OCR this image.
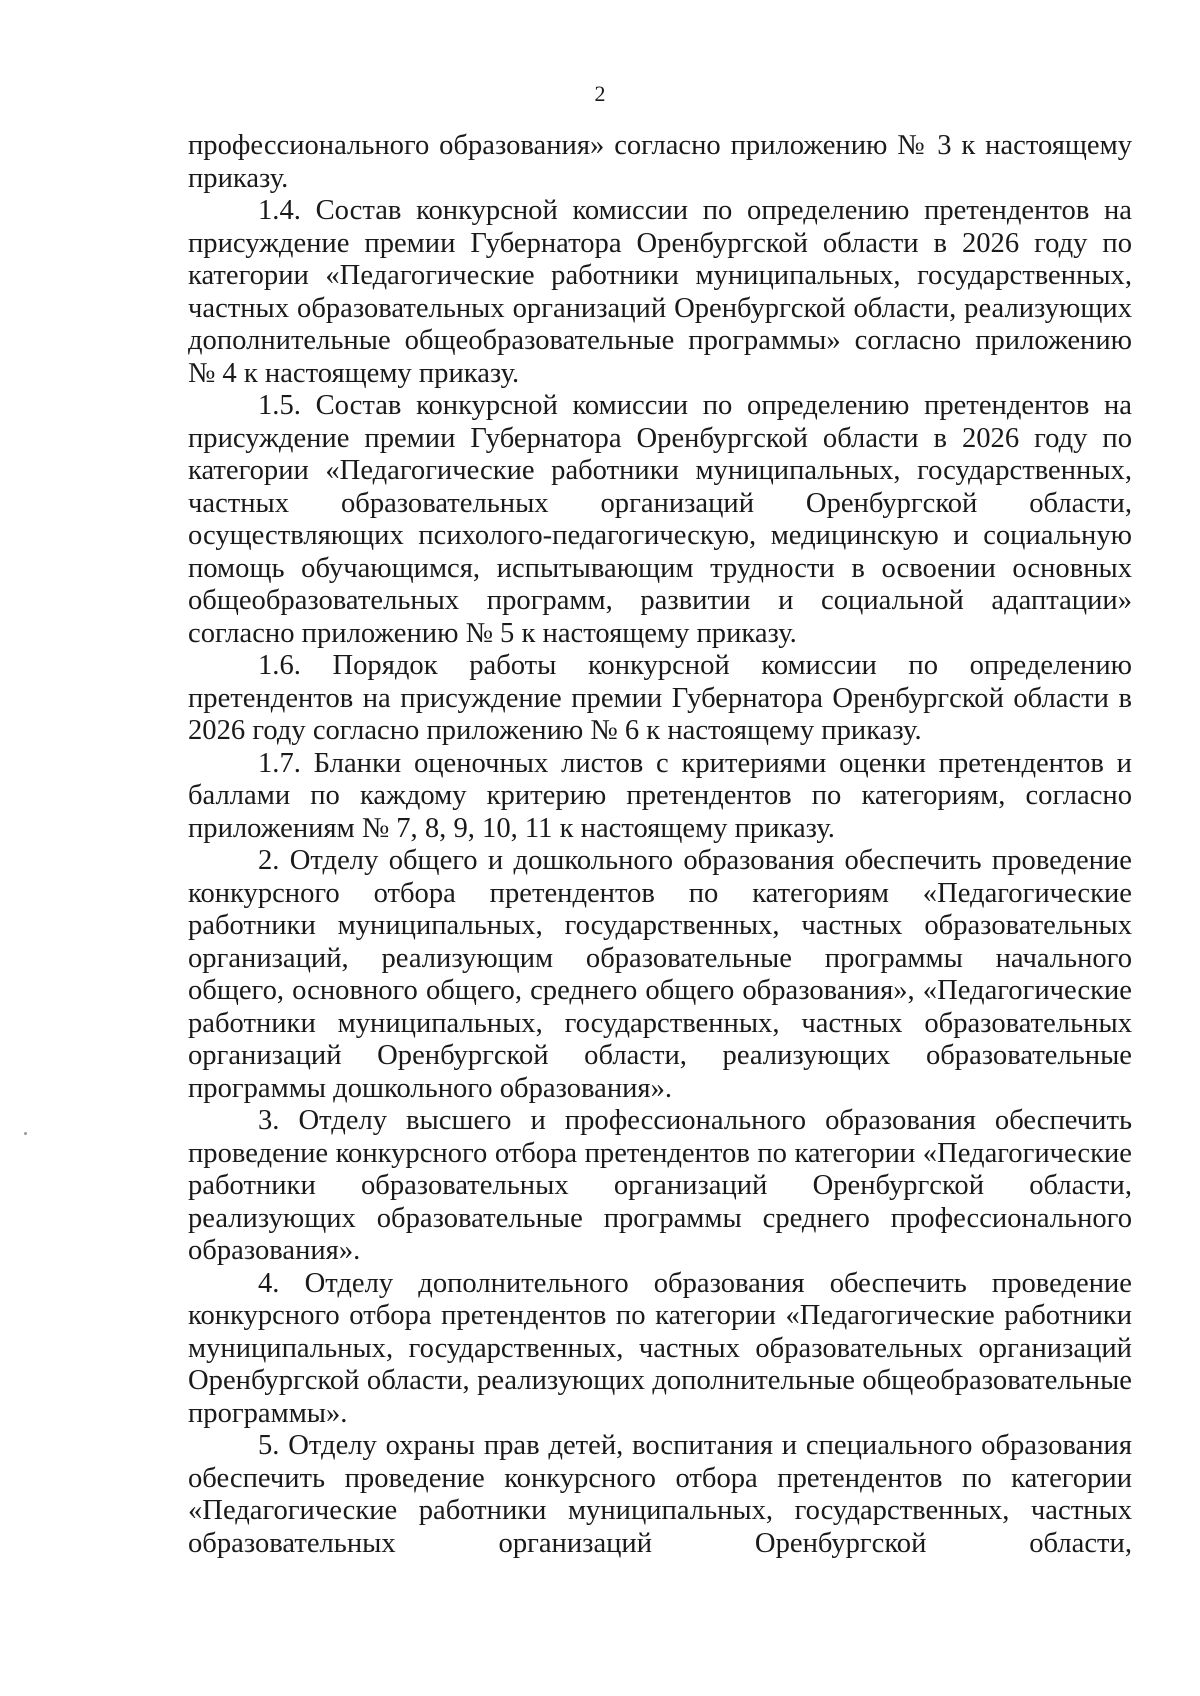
2

профессионального образования» согласно приложению № 3 к настоящему приказу.

1.4. Состав конкурсной комиссии по определению претендентов на присуждение премии Губернатора Оренбургской области в 2026 году по категории «Педагогические работники муниципальных, государственных, частных образовательных организаций Оренбургской области, реализующих дополнительные общеобразовательные программы» согласно приложению № 4 к настоящему приказу.

1.5. Состав конкурсной комиссии по определению претендентов на присуждение премии Губернатора Оренбургской области в 2026 году по категории «Педагогические работники муниципальных, государственных, частных образовательных организаций Оренбургской области, осуществляющих психолого-педагогическую, медицинскую и социальную помощь обучающимся, испытывающим трудности в освоении основных общеобразовательных программ, развитии и социальной адаптации» согласно приложению № 5 к настоящему приказу.

1.6. Порядок работы конкурсной комиссии по определению претендентов на присуждение премии Губернатора Оренбургской области в 2026 году согласно приложению № 6 к настоящему приказу.

1.7. Бланки оценочных листов с критериями оценки претендентов и баллами по каждому критерию претендентов по категориям, согласно приложениям № 7, 8, 9, 10, 11 к настоящему приказу.

2. Отделу общего и дошкольного образования обеспечить проведение конкурсного отбора претендентов по категориям «Педагогические работники муниципальных, государственных, частных образовательных организаций, реализующим образовательные программы начального общего, основного общего, среднего общего образования», «Педагогические работники муниципальных, государственных, частных образовательных организаций Оренбургской области, реализующих образовательные программы дошкольного образования».

3. Отделу высшего и профессионального образования обеспечить проведение конкурсного отбора претендентов по категории «Педагогические работники образовательных организаций Оренбургской области, реализующих образовательные программы среднего профессионального образования».

4. Отделу дополнительного образования обеспечить проведение конкурсного отбора претендентов по категории «Педагогические работники муниципальных, государственных, частных образовательных организаций Оренбургской области, реализующих дополнительные общеобразовательные программы».

5. Отделу охраны прав детей, воспитания и специального образования обеспечить проведение конкурсного отбора претендентов по категории «Педагогические работники муниципальных, государственных, частных образовательных организаций Оренбургской области,
